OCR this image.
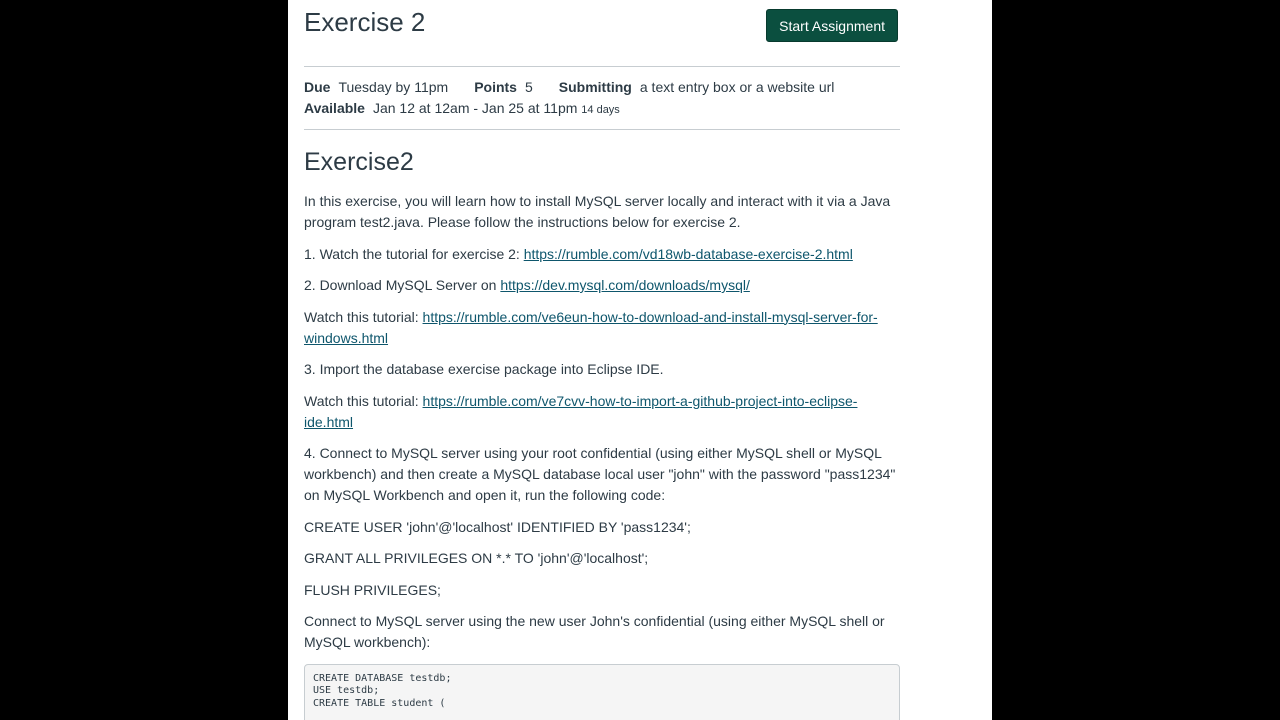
Exercise 2	Start Assignment
Due Tuesday by 11pm Points 5 Submitting a text entry box or a website url
Available Jan 12 at 12am - Jan 25 at 11pm 14 days
Exercise2

In this exercise, you will learn how to install MySQL server locally and interact with it via a Java program test2.java. Please follow the instructions below for exercise 2.

1. Watch the tutorial for exercise 2: https://rumble.com/vd18wb-database-exercise-2.html

2. Download MySQL Server on https://dev.mysql.com/downloads/mysql/

Watch this tutorial: https://rumble.com/ve6eun-how-to-download-and-install-mysql-server-for-windows.html

3. Import the database exercise package into Eclipse IDE.

Watch this tutorial: https://rumble.com/ve7cvv-how-to-import-a-github-project-into-eclipse-ide.html

4. Connect to MySQL server using your root confidential (using either MySQL shell or MySQL workbench) and then create a MySQL database local user "john" with the password "pass1234" on MySQL Workbench and open it, run the following code:

CREATE USER 'john'@'localhost' IDENTIFIED BY 'pass1234';

GRANT ALL PRIVILEGES ON *.* TO 'john'@'localhost';

FLUSH PRIVILEGES;

Connect to MySQL server using the new user John's confidential (using either MySQL shell or MySQL workbench):

CREATE DATABASE testdb;
USE testdb;
CREATE TABLE student (
